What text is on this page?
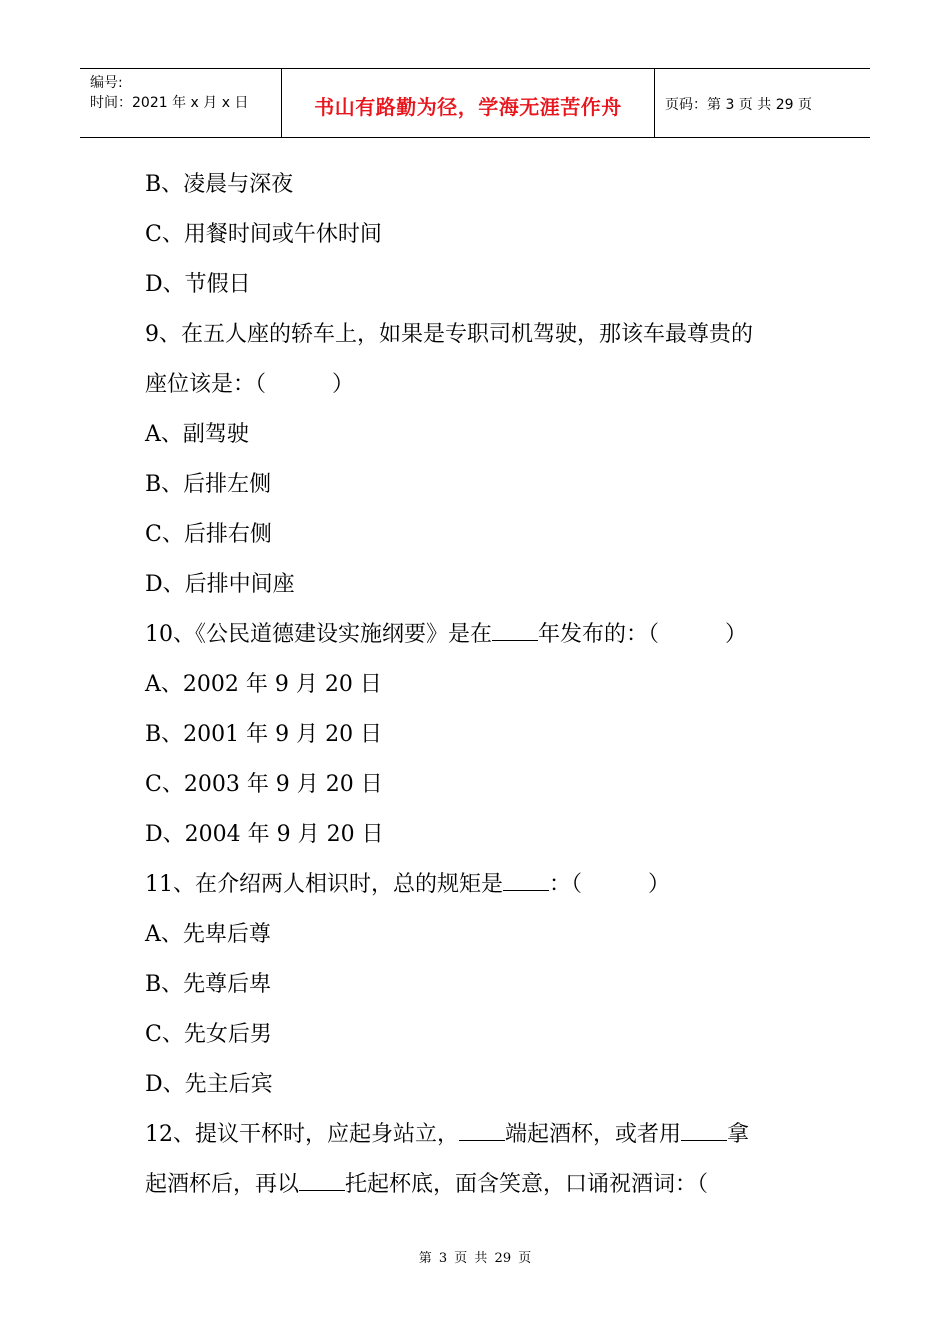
编号:
时间：2021 年 x 月 x 日	书山有路勤为径，学海无涯苦作舟	页码：第 3 页 共 29 页
B、凌晨与深夜
C、用餐时间或午休时间
D、节假日
9、在五人座的轿车上，如果是专职司机驾驶，那该车最尊贵的
座位该是：（　　　）
A、副驾驶
B、后排左侧
C、后排右侧
D、后排中间座
10、《公民道德建设实施纲要》是在 年发布的：（　　　）
A、2002 年 9 月 20 日
B、2001 年 9 月 20 日
C、2003 年 9 月 20 日
D、2004 年 9 月 20 日
11、在介绍两人相识时，总的规矩是 ：（　　　）
A、先卑后尊
B、先尊后卑
C、先女后男
D、先主后宾
12、提议干杯时，应起身站立， 端起酒杯，或者用 拿
起酒杯后，再以 托起杯底，面含笑意，口诵祝酒词：（
第 3 页 共 29 页
